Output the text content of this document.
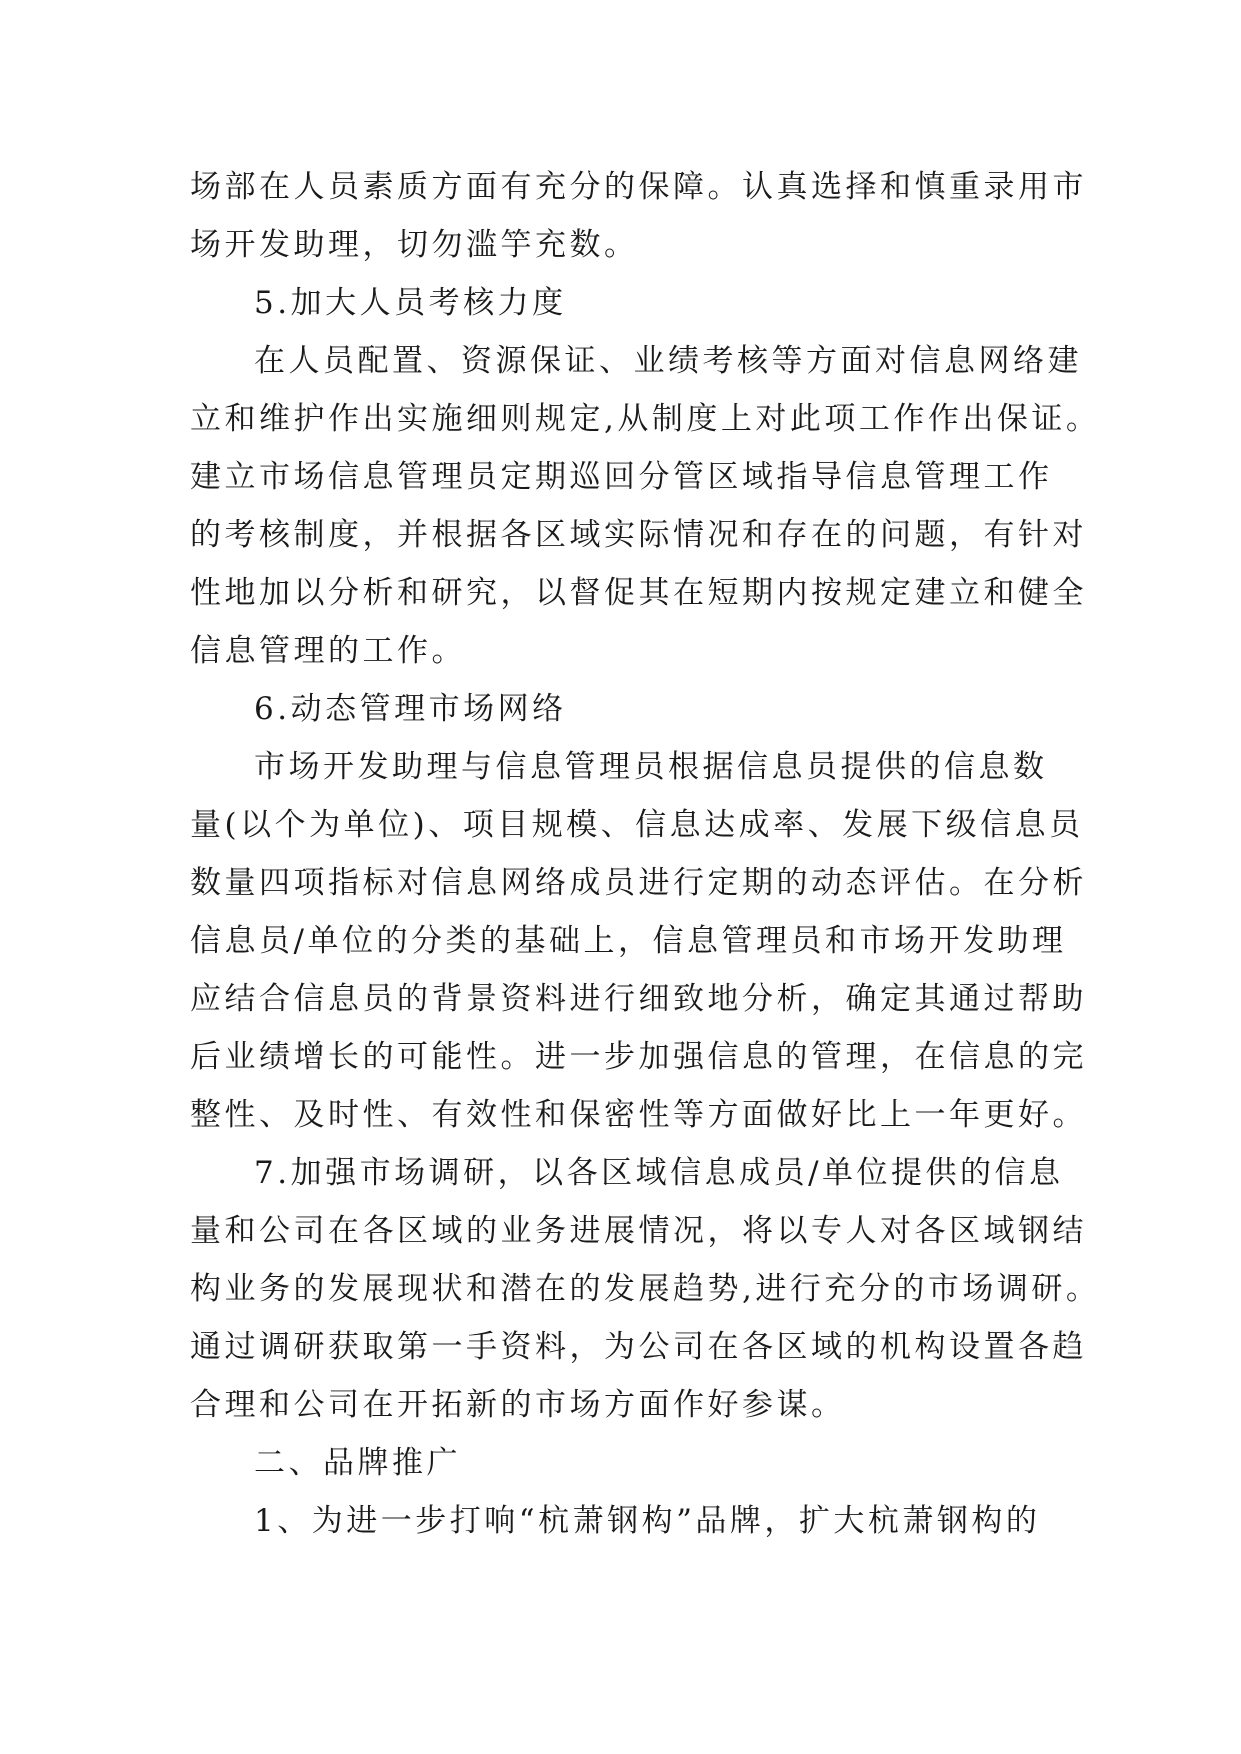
场部在人员素质方面有充分的保障。认真选择和慎重录用市
场开发助理，切勿滥竽充数。
5.加大人员考核力度
在人员配置、资源保证、业绩考核等方面对信息网络建
立和维护作出实施细则规定,从制度上对此项工作作出保证。
建立市场信息管理员定期巡回分管区域指导信息管理工作
的考核制度，并根据各区域实际情况和存在的问题，有针对
性地加以分析和研究，以督促其在短期内按规定建立和健全
信息管理的工作。
6.动态管理市场网络
市场开发助理与信息管理员根据信息员提供的信息数
量(以个为单位)、项目规模、信息达成率、发展下级信息员
数量四项指标对信息网络成员进行定期的动态评估。在分析
信息员/单位的分类的基础上，信息管理员和市场开发助理
应结合信息员的背景资料进行细致地分析，确定其通过帮助
后业绩增长的可能性。进一步加强信息的管理，在信息的完
整性、及时性、有效性和保密性等方面做好比上一年更好。
7.加强市场调研，以各区域信息成员/单位提供的信息
量和公司在各区域的业务进展情况，将以专人对各区域钢结
构业务的发展现状和潜在的发展趋势,进行充分的市场调研。
通过调研获取第一手资料，为公司在各区域的机构设置各趋
合理和公司在开拓新的市场方面作好参谋。
二、品牌推广
1、为进一步打响“杭萧钢构”品牌，扩大杭萧钢构的
